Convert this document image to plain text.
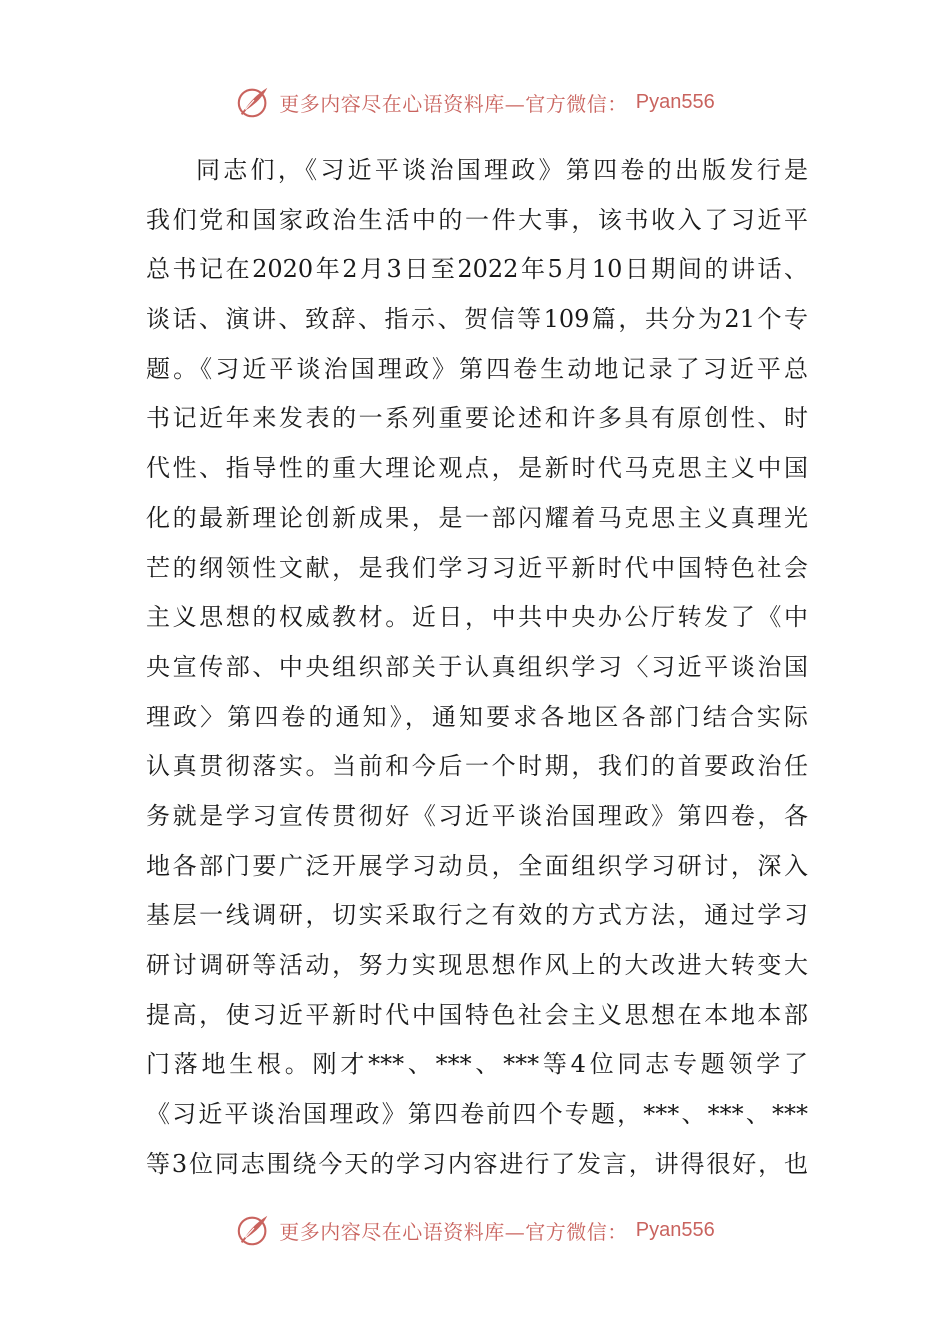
更多内容尽在心语资料库—官方微信： Pyan556
同志们，《习近平谈治国理政》第四卷的出版发行是
我们党和国家政治生活中的一件大事，该书收入了习近平
总书记在2020年2月3日至2022年5月10日期间的讲话、
谈话、演讲、致辞、指示、贺信等109篇，共分为21个专
题。《习近平谈治国理政》第四卷生动地记录了习近平总
书记近年来发表的一系列重要论述和许多具有原创性、时
代性、指导性的重大理论观点，是新时代马克思主义中国
化的最新理论创新成果，是一部闪耀着马克思主义真理光
芒的纲领性文献，是我们学习习近平新时代中国特色社会
主义思想的权威教材。近日，中共中央办公厅转发了《中
央宣传部、中央组织部关于认真组织学习〈习近平谈治国
理政〉第四卷的通知》，通知要求各地区各部门结合实际
认真贯彻落实。当前和今后一个时期，我们的首要政治任
务就是学习宣传贯彻好《习近平谈治国理政》第四卷，各
地各部门要广泛开展学习动员，全面组织学习研讨，深入
基层一线调研，切实采取行之有效的方式方法，通过学习
研讨调研等活动，努力实现思想作风上的大改进大转变大
提高，使习近平新时代中国特色社会主义思想在本地本部
门落地生根。刚才***、***、***等4位同志专题领学了
《习近平谈治国理政》第四卷前四个专题，***、***、***
等3位同志围绕今天的学习内容进行了发言，讲得很好，也
更多内容尽在心语资料库—官方微信： Pyan556
